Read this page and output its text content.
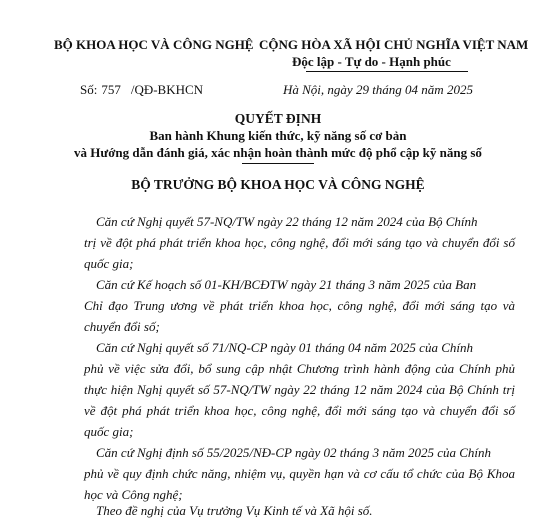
BỘ KHOA HỌC VÀ CÔNG NGHỆ CỘNG HÒA XÃ HỘI CHỦ NGHĨA VIỆT NAM
Độc lập - Tự do - Hạnh phúc
Số: 757 /QĐ-BKHCN	Hà Nội, ngày 29 tháng 04 năm 2025
QUYẾT ĐỊNH
Ban hành Khung kiến thức, kỹ năng số cơ bản
và Hướng dẫn đánh giá, xác nhận hoàn thành mức độ phổ cập kỹ năng số
BỘ TRƯỞNG BỘ KHOA HỌC VÀ CÔNG NGHỆ
Căn cứ Nghị quyết 57-NQ/TW ngày 22 tháng 12 năm 2024 của Bộ Chính
trị về đột phá phát triển khoa học, công nghệ, đổi mới sáng tạo và chuyển đổi số
quốc gia;
Căn cứ Kế hoạch số 01-KH/BCĐTW ngày 21 tháng 3 năm 2025 của Ban
Chỉ đạo Trung ương về phát triển khoa học, công nghệ, đổi mới sáng tạo và
chuyển đổi số;
Căn cứ Nghị quyết số 71/NQ-CP ngày 01 tháng 04 năm 2025 của Chính
phủ về việc sửa đổi, bổ sung cập nhật Chương trình hành động của Chính phủ
thực hiện Nghị quyết số 57-NQ/TW ngày 22 tháng 12 năm 2024 của Bộ Chính trị
về đột phá phát triển khoa học, công nghệ, đổi mới sáng tạo và chuyển đổi số
quốc gia;
Căn cứ Nghị định số 55/2025/NĐ-CP ngày 02 tháng 3 năm 2025 của Chính
phủ về quy định chức năng, nhiệm vụ, quyền hạn và cơ cấu tổ chức của Bộ Khoa
học và Công nghệ;
Theo đề nghị của Vụ trưởng Vụ Kinh tế và Xã hội số.
